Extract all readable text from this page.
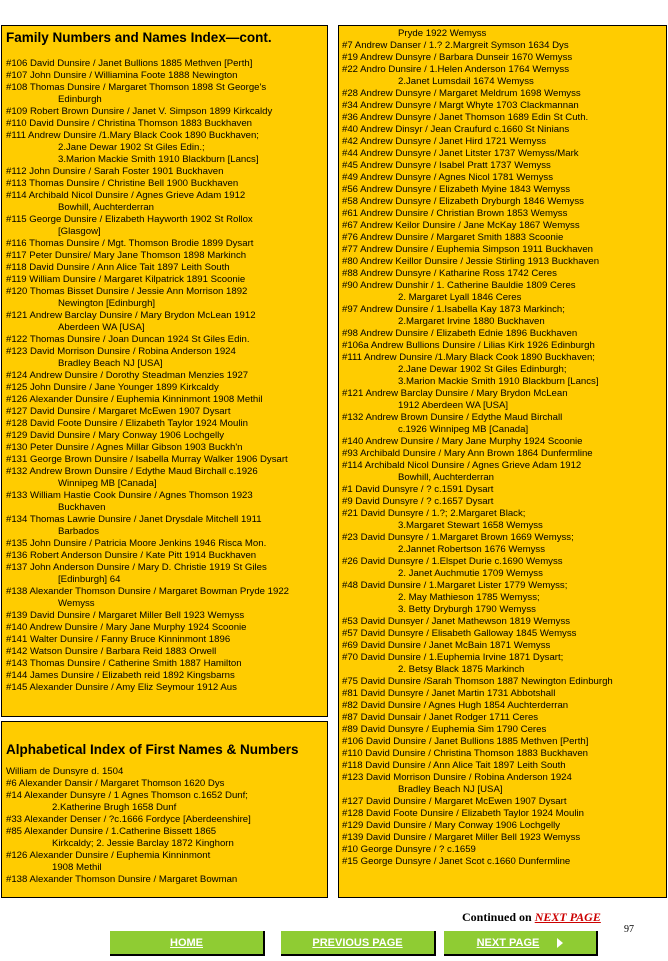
Family Numbers and Names Index—cont.
#106 David Dunsire / Janet Bullions 1885 Methven [Perth]
#107 John Dunsire / Williamina Foote 1888 Newington
#108 Thomas Dunsire / Margaret Thomson 1898 St George's
Edinburgh
#109 Robert Brown Dunsire / Janet V. Simpson 1899 Kirkcaldy
#110 David Dunsire / Christina Thomson 1883 Buckhaven
#111 Andrew Dunsire /1.Mary Black Cook 1890 Buckhaven;
2.Jane Dewar 1902 St Giles Edin.;
3.Marion Mackie Smith 1910 Blackburn [Lancs]
#112 John Dunsire / Sarah Foster 1901 Buckhaven
#113 Thomas Dunsire / Christine Bell 1900 Buckhaven
#114 Archibald Nicol Dunsire / Agnes Grieve Adam 1912
Bowhill, Auchterderran
#115 George Dunsire / Elizabeth Hayworth 1902 St Rollox
[Glasgow]
#116 Thomas Dunsire / Mgt. Thomson Brodie 1899 Dysart
#117 Peter Dunsire/ Mary Jane Thomson 1898 Markinch
#118 David Dunsire / Ann Alice Tait 1897 Leith South
#119 William Dunsire / Margaret Kilpatrick 1891 Scoonie
#120 Thomas Bisset Dunsire / Jessie Ann Morrison 1892
Newington [Edinburgh]
#121 Andrew Barclay Dunsire / Mary Brydon McLean 1912
Aberdeen WA [USA]
#122 Thomas Dunsire / Joan Duncan 1924 St Giles Edin.
#123 David Morrison Dunsire / Robina Anderson 1924
Bradley Beach NJ [USA]
#124 Andrew Dunsire / Dorothy Steadman Menzies 1927
#125 John Dunsire / Jane Younger 1899 Kirkcaldy
#126 Alexander Dunsire / Euphemia Kinninmont 1908 Methil
#127 David Dunsire / Margaret McEwen 1907 Dysart
#128 David Foote Dunsire / Elizabeth Taylor 1924 Moulin
#129 David Dunsire / Mary Conway 1906 Lochgelly
#130 Peter Dunsire / Agnes Millar Gibson 1903 Buckh'n
#131 George Brown Dunsire / Isabella Murray Walker 1906 Dysart
#132 Andrew Brown Dunsire / Edythe Maud Birchall c.1926
Winnipeg MB [Canada]
#133 William Hastie Cook Dunsire / Agnes Thomson 1923
Buckhaven
#134 Thomas Lawrie Dunsire / Janet Drysdale Mitchell 1911
Barbados
#135 John Dunsire / Patricia Moore Jenkins 1946 Risca Mon.
#136 Robert Anderson Dunsire / Kate Pitt 1914 Buckhaven
#137 John Anderson Dunsire / Mary D. Christie 1919 St Giles
[Edinburgh] 64
#138 Alexander Thomson Dunsire / Margaret Bowman Pryde 1922
Wemyss
#139 David Dunsire / Margaret Miller Bell 1923 Wemyss
#140 Andrew Dunsire / Mary Jane Murphy 1924 Scoonie
#141 Walter Dunsire / Fanny Bruce Kinninmont 1896
#142 Watson Dunsire / Barbara Reid 1883 Orwell
#143 Thomas Dunsire / Catherine Smith 1887 Hamilton
#144 James Dunsire / Elizabeth reid 1892 Kingsbarns
#145 Alexander Dunsire / Amy Eliz Seymour 1912 Aus
Alphabetical Index of First Names & Numbers
William de Dunsyre d. 1504
#6 Alexander Dansir / Margaret Thomson 1620 Dys
#14 Alexander Dunsyre / 1 Agnes Thomson c.1652 Dunf;
2.Katherine Brugh 1658 Dunf
#33 Alexander Denser / ?c.1666 Fordyce [Aberdeenshire]
#85 Alexander Dunsire / 1.Catherine Bissett 1865
Kirkcaldy; 2. Jessie Barclay 1872 Kinghorn
#126 Alexander Dunsire / Euphemia Kinninmont
1908 Methil
#138 Alexander Thomson Dunsire / Margaret Bowman
Pryde 1922 Wemyss
#7 Andrew Danser / 1.? 2.Margreit Symson 1634 Dys
#19 Andrew Dunsyre / Barbara Dunseir 1670 Wemyss
#22 Andro Dunsire / 1.Helen Anderson 1764 Wemyss
2.Janet Lumsdail 1674 Wemyss
#28 Andrew Dunsyre / Margaret Meldrum 1698 Wemyss
#34 Andrew Dunsyre / Margt Whyte 1703 Clackmannan
#36 Andrew Dunsyre / Janet Thomson 1689 Edin St Cuth.
#40 Andrew Dinsyr / Jean Craufurd c.1660 St Ninians
#42 Andrew Dunsyre / Janet Hird 1721 Wemyss
#44 Andrew Dunsyre / Janet Litster 1737 Wemyss/Mark
#45 Andrew Dunsyre / Isabel Pratt 1737 Wemyss
#49 Andrew Dunsyre / Agnes Nicol 1781 Wemyss
#56 Andrew Dunsyre / Elizabeth Myine 1843 Wemyss
#58 Andrew Dunsyre / Elizabeth Dryburgh 1846 Wemyss
#61 Andrew Dunsire / Christian Brown 1853 Wemyss
#67 Andrew Keilor Dunsire / Jane McKay 1867 Wemyss
#76 Andrew Dunsire / Margaret Smith 1883 Scoonie
#77 Andrew Dunsire / Euphemia Simpson 1911 Buckhaven
#80 Andrew Keillor Dunsire / Jessie Stirling 1913 Buckhaven
#88 Andrew Dunsyre / Katharine Ross 1742 Ceres
#90 Andrew Dunshir / 1. Catherine Bauldie 1809 Ceres
2. Margaret Lyall 1846 Ceres
#97 Andrew Dunsire / 1.Isabella Kay 1873 Markinch;
2.Margaret Irvine 1880 Buckhaven
#98 Andrew Dunsire / Elizabeth Ednie 1896 Buckhaven
#106a Andrew Bullions Dunsire / Lilias Kirk 1926 Edinburgh
#111 Andrew Dunsire /1.Mary Black Cook 1890 Buckhaven;
2.Jane Dewar 1902 St Giles Edinburgh;
3.Marion Mackie Smith 1910 Blackburn [Lancs]
#121 Andrew Barclay Dunsire / Mary Brydon McLean
1912 Aberdeen WA [USA]
#132 Andrew Brown Dunsire / Edythe Maud Birchall
c.1926 Winnipeg MB [Canada]
#140 Andrew Dunsire / Mary Jane Murphy 1924 Scoonie
#93 Archibald Dunsire / Mary Ann Brown 1864 Dunfermline
#114 Archibald Nicol Dunsire / Agnes Grieve Adam 1912
Bowhill, Auchterderran
#1 David Dunsyre / ? c.1591 Dysart
#9 David Dunsyre / ? c.1657 Dysart
#21 David Dunsyre / 1.?; 2.Margaret Black;
3.Margaret Stewart 1658 Wemyss
#23 David Dunsyre / 1.Margaret Brown 1669 Wemyss;
2.Jannet Robertson 1676 Wemyss
#26 David Dunsyre / 1.Elspet Durie c.1690 Wemyss
2. Janet Auchmutie 1709 Wemyss
#48 David Dunsire / 1.Margaret Lister 1779 Wemyss;
2. May Mathieson 1785 Wemyss;
3. Betty Dryburgh 1790 Wemyss
#53 David Dunsyer / Janet Mathewson 1819 Wemyss
#57 David Dunsyre / Elisabeth Galloway 1845 Wemyss
#69 David Dunsire / Janet McBain 1871 Wemyss
#70 David Dunsire / 1.Euphemia Irvine 1871 Dysart;
2. Betsy Black 1875 Markinch
#75 David Dunsire /Sarah Thomson 1887 Newington Edinburgh
#81 David Dunsyre / Janet Martin 1731 Abbotshall
#82 David Dunsire / Agnes Hugh 1854 Auchterderran
#87 David Dunsair / Janet Rodger 1711 Ceres
#89 David Dunsyre / Euphemia Sim 1790 Ceres
#106 David Dunsire / Janet Bullions 1885 Methven [Perth]
#110 David Dunsire / Christina Thomson 1883 Buckhaven
#118 David Dunsire / Ann Alice Tait 1897 Leith South
#123 David Morrison Dunsire / Robina Anderson 1924
Bradley Beach NJ [USA]
#127 David Dunsire / Margaret McEwen 1907 Dysart
#128 David Foote Dunsire / Elizabeth Taylor 1924 Moulin
#129 David Dunsire / Mary Conway 1906 Lochgelly
#139 David Dunsire / Margaret Miller Bell 1923 Wemyss
#10 George Dunsyre / ? c.1659
#15 George Dunsyre / Janet Scot c.1660 Dunfermline
Continued on NEXT PAGE
97
HOME	PREVIOUS PAGE	NEXT PAGE
